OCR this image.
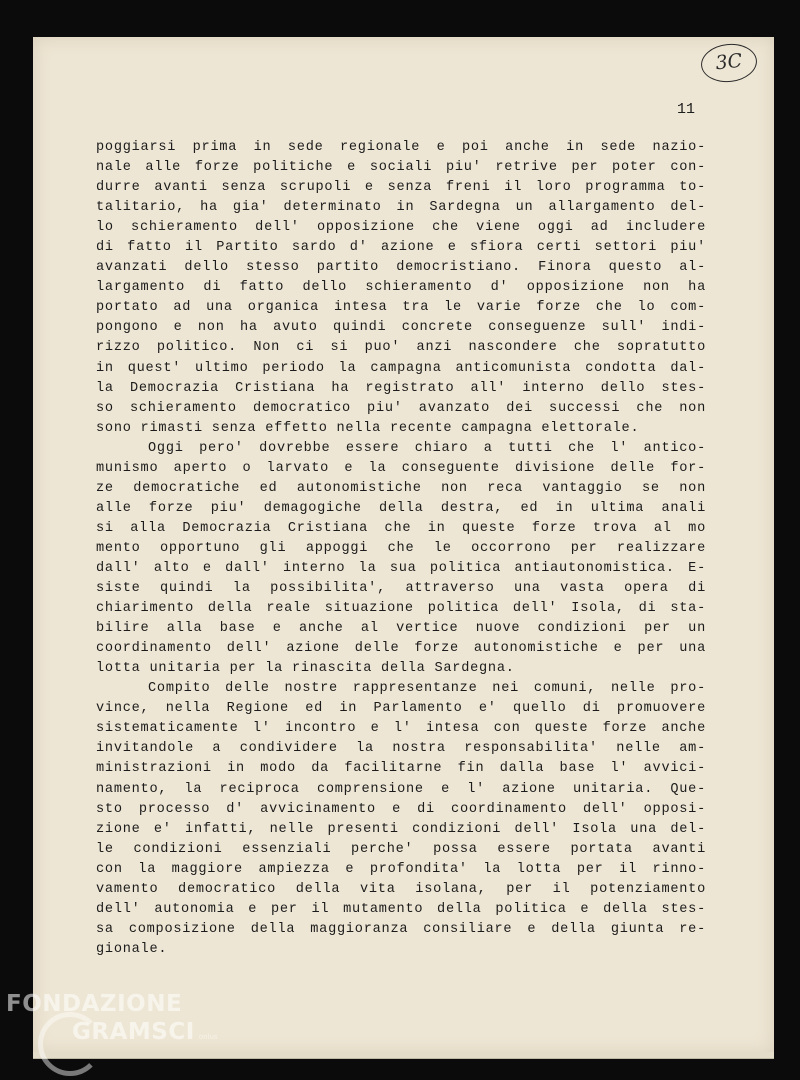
3C
11
poggiarsi prima in sede regionale e poi anche in sede nazio-
nale alle forze politiche e sociali piu' retrive per poter con-
durre avanti senza scrupoli e senza freni il loro programma to-
talitario, ha gia' determinato in Sardegna un allargamento del-
lo schieramento dell' opposizione che viene oggi ad includere
di fatto il Partito sardo d' azione e sfiora certi settori piu'
avanzati dello stesso partito democristiano. Finora questo al-
largamento di fatto dello schieramento d' opposizione non ha
portato ad una organica intesa tra le varie forze che lo com-
pongono e non ha avuto quindi concrete conseguenze sull' indi-
rizzo politico. Non ci si puo' anzi nascondere che sopratutto
in quest' ultimo periodo la campagna anticomunista condotta dal-
la Democrazia Cristiana ha registrato all' interno dello stes-
so schieramento democratico piu' avanzato dei successi che non
sono rimasti senza effetto nella recente campagna elettorale.
Oggi pero' dovrebbe essere chiaro a tutti che l' antico-
munismo aperto o larvato e la conseguente divisione delle for-
ze democratiche ed autonomistiche non reca vantaggio se non
alle forze piu' demagogiche della destra, ed in ultima anali
si alla Democrazia Cristiana che in queste forze trova al mo
mento opportuno gli appoggi che le occorrono per realizzare
dall' alto e dall' interno la sua politica antiautonomistica. E-
siste quindi la possibilita', attraverso una vasta opera di
chiarimento della reale situazione politica dell' Isola, di sta-
bilire alla base e anche al vertice nuove condizioni per un
coordinamento dell' azione delle forze autonomistiche e per una
lotta unitaria per la rinascita della Sardegna.
Compito delle nostre rappresentanze nei comuni, nelle pro-
vince, nella Regione ed in Parlamento e' quello di promuovere
sistematicamente l' incontro e l' intesa con queste forze anche
invitandole a condividere la nostra responsabilita' nelle am-
ministrazioni in modo da facilitarne fin dalla base l' avvici-
namento, la reciproca comprensione e l' azione unitaria. Que-
sto processo d' avvicinamento e di coordinamento dell' opposi-
zione e' infatti, nelle presenti condizioni dell' Isola una del-
le condizioni essenziali perche' possa essere portata avanti
con la maggiore ampiezza e profondita' la lotta per il rinno-
vamento democratico della vita isolana, per il potenziamento
dell' autonomia e per il mutamento della politica e della stes-
sa composizione della maggioranza consiliare e della giunta re-
gionale.
FONDAZIONE
GRAMSCI onlus
